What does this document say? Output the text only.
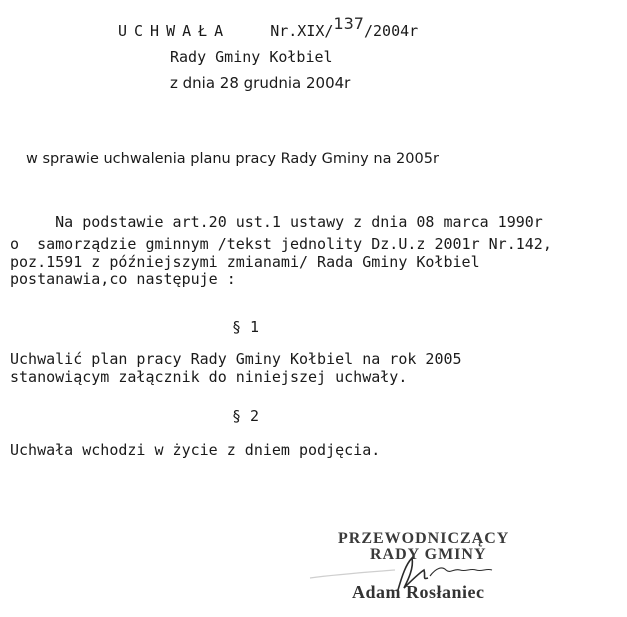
UCHWAŁA	Nr.XIX/137/2004r
Rady Gminy Kołbiel
z dnia 28 grudnia 2004r
w sprawie uchwalenia planu pracy Rady Gminy na 2005r
Na podstawie art.20 ust.1 ustawy z dnia 08 marca 1990r
o  samorządzie gminnym /tekst jednolity Dz.U.z 2001r Nr.142,
poz.1591 z późniejszymi zmianami/ Rada Gminy Kołbiel
postanawia,co następuje :
§ 1
Uchwalić plan pracy Rady Gminy Kołbiel na rok 2005
stanowiącym załącznik do niniejszej uchwały.
§ 2
Uchwała wchodzi w życie z dniem podjęcia.
PRZEWODNICZĄCY
RADY GMINY
Adam Rosłaniec
